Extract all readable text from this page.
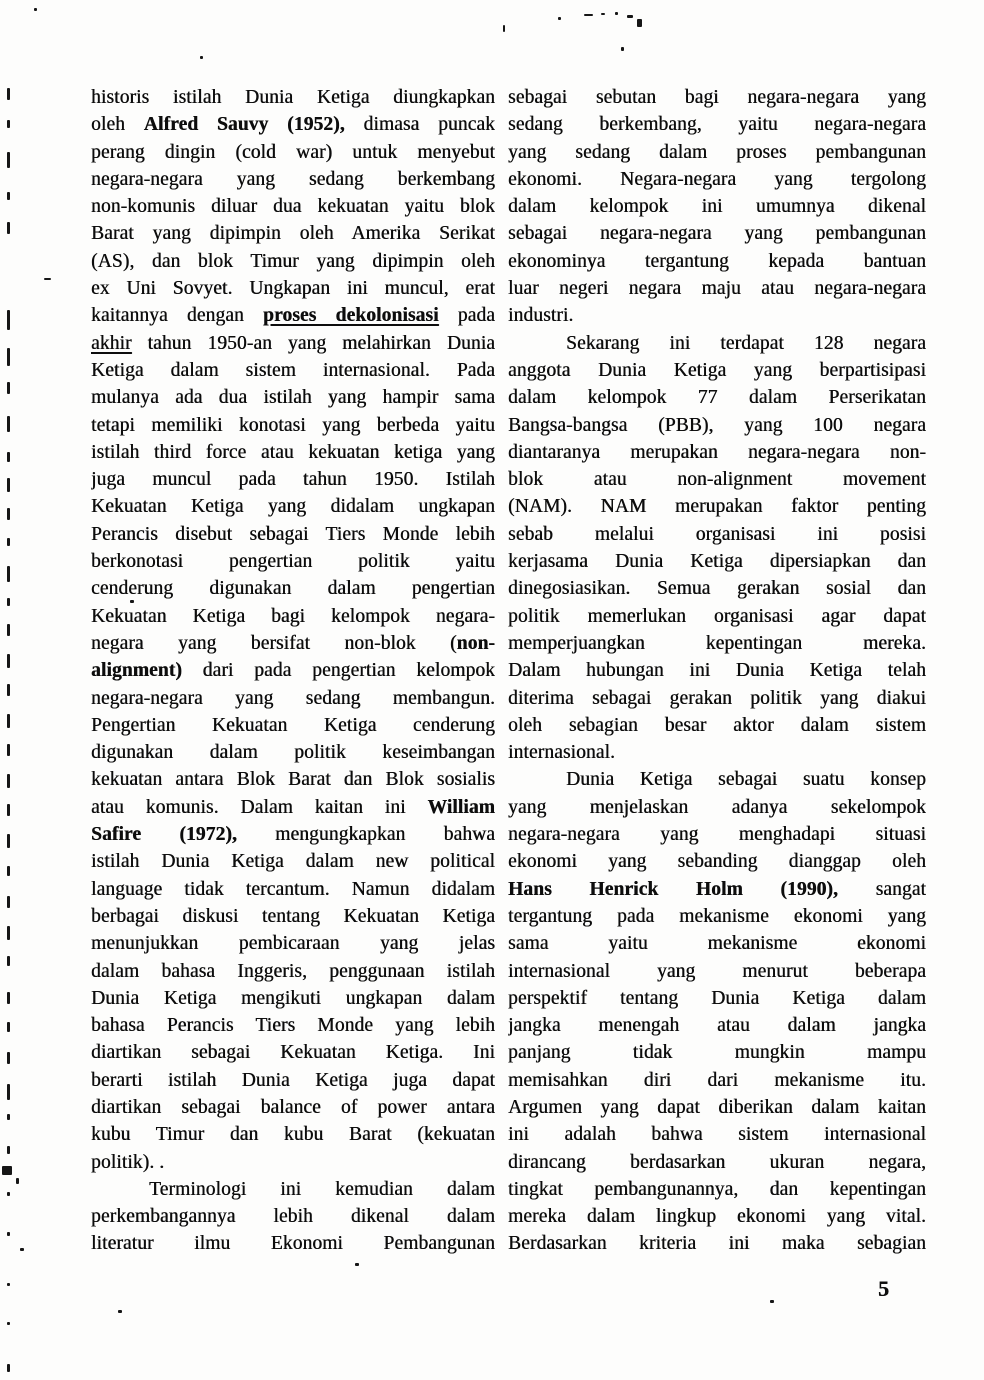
historis istilah Dunia Ketiga diungkapkan
oleh Alfred Sauvy (1952), dimasa puncak
perang dingin (cold war) untuk menyebut
negara-negara yang sedang berkembang
non-komunis diluar dua kekuatan yaitu blok
Barat yang dipimpin oleh Amerika Serikat
(AS), dan blok Timur yang dipimpin oleh
ex Uni Sovyet. Ungkapan ini muncul, erat
kaitannya dengan proses dekolonisasi pada
akhir tahun 1950-an yang melahirkan Dunia
Ketiga dalam sistem internasional. Pada
mulanya ada dua istilah yang hampir sama
tetapi memiliki konotasi yang berbeda yaitu
istilah third force atau kekuatan ketiga yang
juga muncul pada tahun 1950. Istilah
Kekuatan Ketiga yang didalam ungkapan
Perancis disebut sebagai Tiers Monde lebih
berkonotasi pengertian politik yaitu
cenderung digunakan dalam pengertian
Kekuatan Ketiga bagi kelompok negara-
negara yang bersifat non-blok (non-
alignment) dari pada pengertian kelompok
negara-negara yang sedang membangun.
Pengertian Kekuatan Ketiga cenderung
digunakan dalam politik keseimbangan
kekuatan antara Blok Barat dan Blok sosialis
atau komunis. Dalam kaitan ini William
Safire (1972), mengungkapkan bahwa
istilah Dunia Ketiga dalam new political
language tidak tercantum. Namun didalam
berbagai diskusi tentang Kekuatan Ketiga
menunjukkan pembicaraan yang jelas
dalam bahasa Inggeris, penggunaan istilah
Dunia Ketiga mengikuti ungkapan dalam
bahasa Perancis Tiers Monde yang lebih
diartikan sebagai Kekuatan Ketiga. Ini
berarti istilah Dunia Ketiga juga dapat
diartikan sebagai balance of power antara
kubu Timur dan kubu Barat (kekuatan
politik). .
Terminologi ini kemudian dalam
perkembangannya lebih dikenal dalam
literatur ilmu Ekonomi Pembangunan
sebagai sebutan bagi negara-negara yang
sedang berkembang, yaitu negara-negara
yang sedang dalam proses pembangunan
ekonomi. Negara-negara yang tergolong
dalam kelompok ini umumnya dikenal
sebagai negara-negara yang pembangunan
ekonominya tergantung kepada bantuan
luar negeri negara maju atau negara-negara
industri.
Sekarang ini terdapat 128 negara
anggota Dunia Ketiga yang berpartisipasi
dalam kelompok 77 dalam Perserikatan
Bangsa-bangsa (PBB), yang 100 negara
diantaranya merupakan negara-negara non-
blok atau non-alignment movement
(NAM). NAM merupakan faktor penting
sebab melalui organisasi ini posisi
kerjasama Dunia Ketiga dipersiapkan dan
dinegosiasikan. Semua gerakan sosial dan
politik memerlukan organisasi agar dapat
memperjuangkan kepentingan mereka.
Dalam hubungan ini Dunia Ketiga telah
diterima sebagai gerakan politik yang diakui
oleh sebagian besar aktor dalam sistem
internasional.
Dunia Ketiga sebagai suatu konsep
yang menjelaskan adanya sekelompok
negara-negara yang menghadapi situasi
ekonomi yang sebanding dianggap oleh
Hans Henrick Holm (1990), sangat
tergantung pada mekanisme ekonomi yang
sama yaitu mekanisme ekonomi
internasional yang menurut beberapa
perspektif tentang Dunia Ketiga dalam
jangka menengah atau dalam jangka
panjang tidak mungkin mampu
memisahkan diri dari mekanisme itu.
Argumen yang dapat diberikan dalam kaitan
ini adalah bahwa sistem internasional
dirancang berdasarkan ukuran negara,
tingkat pembangunannya, dan kepentingan
mereka dalam lingkup ekonomi yang vital.
Berdasarkan kriteria ini maka sebagian
5
